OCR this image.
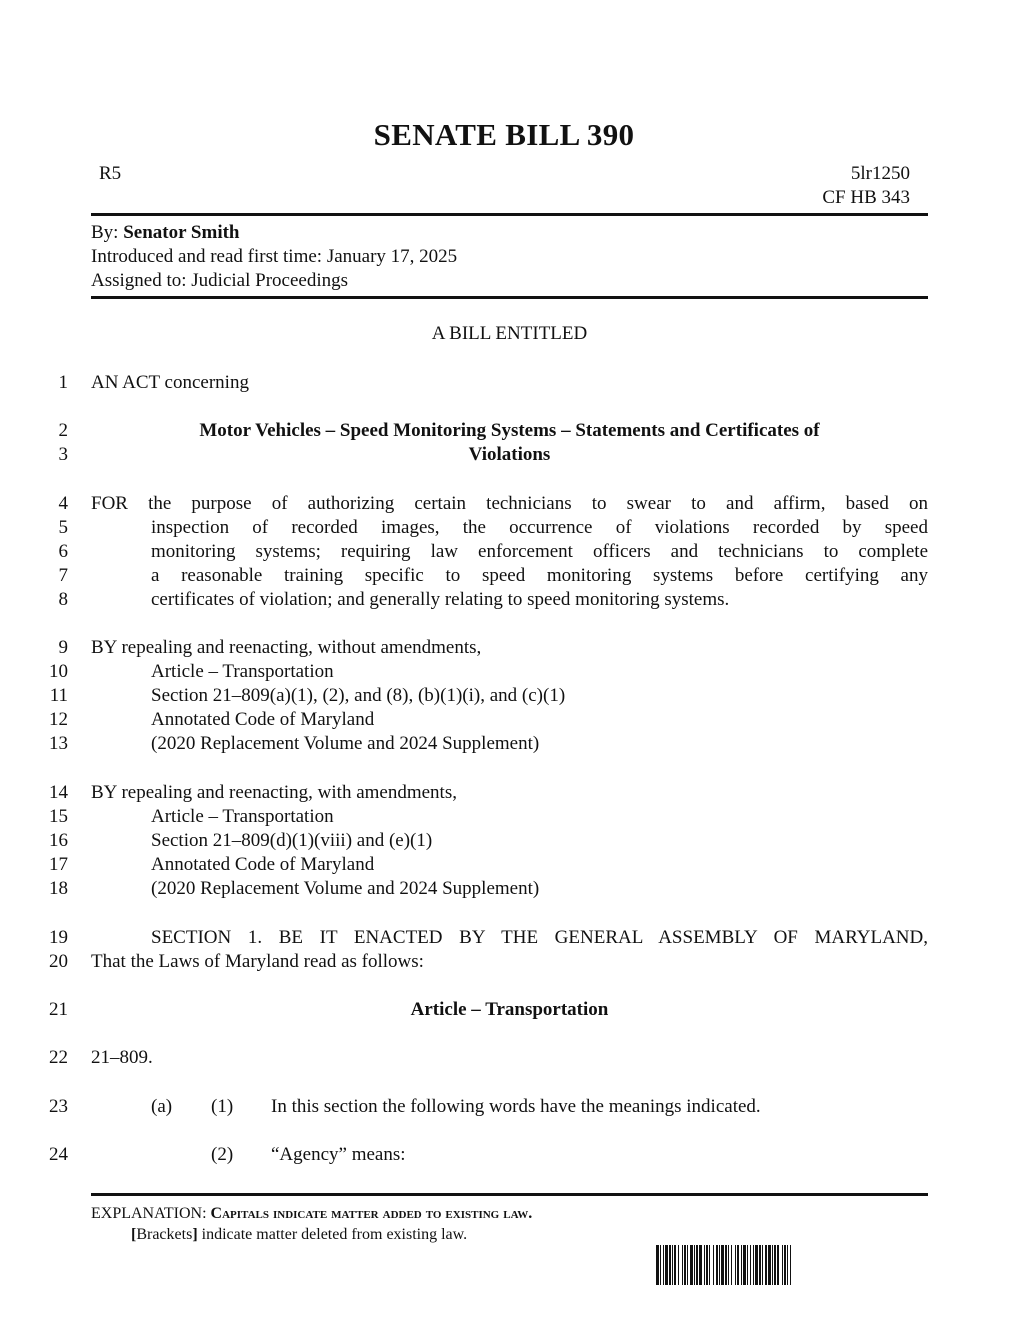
SENATE BILL 390
R5	5lr1250
CF HB 343
By: Senator Smith
Introduced and read first time: January 17, 2025
Assigned to: Judicial Proceedings
A BILL ENTITLED
1
2
3
4
5
6
7
8
9
10
11
12
13
14
15
16
17
18
19
20
21
22
23
24
AN ACT concerning
Motor Vehicles – Speed Monitoring Systems – Statements and Certificates of
Violations
FOR the purpose of authorizing certain technicians to swear to and affirm, based on
inspection of recorded images, the occurrence of violations recorded by speed
monitoring systems; requiring law enforcement officers and technicians to complete
a reasonable training specific to speed monitoring systems before certifying any
certificates of violation; and generally relating to speed monitoring systems.
BY repealing and reenacting, without amendments,
Article – Transportation
Section 21–809(a)(1), (2), and (8), (b)(1)(i), and (c)(1)
Annotated Code of Maryland
(2020 Replacement Volume and 2024 Supplement)
BY repealing and reenacting, with amendments,
Article – Transportation
Section 21–809(d)(1)(viii) and (e)(1)
Annotated Code of Maryland
(2020 Replacement Volume and 2024 Supplement)
SECTION 1. BE IT ENACTED BY THE GENERAL ASSEMBLY OF MARYLAND,
That the Laws of Maryland read as follows:
Article – Transportation
21–809.
(a) (1) In this section the following words have the meanings indicated.
(2) “Agency” means:
EXPLANATION: Capitals indicate matter added to existing law.
[Brackets] indicate matter deleted from existing law.
